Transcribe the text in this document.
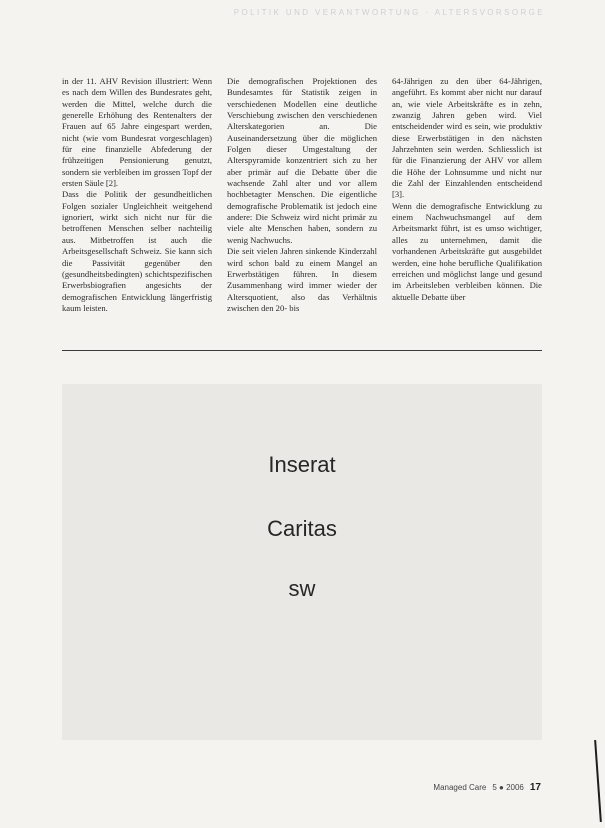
POLITIK UND VERANTWORTUNG · ALTERSVORSORGE

in der 11. AHV Revision illustriert: Wenn es nach dem Willen des Bundesrates geht, werden die Mittel, welche durch die generelle Erhöhung des Rentenalters der Frauen auf 65 Jahre eingespart werden, nicht (wie vom Bundesrat vorgeschlagen) für eine finanzielle Abfederung der frühzeitigen Pensionierung genutzt, sondern sie verbleiben im grossen Topf der ersten Säule [2].

Dass die Politik der gesundheitlichen Folgen sozialer Ungleichheit weitgehend ignoriert, wirkt sich nicht nur für die betroffenen Menschen selber nachteilig aus. Mitbetroffen ist auch die Arbeitsgesellschaft Schweiz. Sie kann sich die Passivität gegenüber den (gesundheitsbedingten) schichtspezifischen Erwerbsbiografien angesichts der demografischen Entwicklung längerfristig kaum leisten.

Die demografischen Projektionen des Bundesamtes für Statistik zeigen in verschiedenen Modellen eine deutliche Verschiebung zwischen den verschiedenen Alterskategorien an. Die Auseinandersetzung über die möglichen Folgen dieser Umgestaltung der Alterspyramide konzentriert sich zu her aber primär auf die Debatte über die wachsende Zahl alter und vor allem hochbetagter Menschen. Die eigentliche demografische Problematik ist jedoch eine andere: Die Schweiz wird nicht primär zu viele alte Menschen haben, sondern zu wenig Nachwuchs.

Die seit vielen Jahren sinkende Kinderzahl wird schon bald zu einem Mangel an Erwerbstätigen führen. In diesem Zusammenhang wird immer wieder der Altersquotient, also das Verhältnis zwischen den 20- bis

64-Jährigen zu den über 64-Jährigen, angeführt. Es kommt aber nicht nur darauf an, wie viele Arbeitskräfte es in zehn, zwanzig Jahren geben wird. Viel entscheidender wird es sein, wie produktiv diese Erwerbstätigen in den nächsten Jahrzehnten sein werden. Schliesslich ist für die Finanzierung der AHV vor allem die Höhe der Lohnsumme und nicht nur die Zahl der Einzahlenden entscheidend [3].

Wenn die demografische Entwicklung zu einem Nachwuchsmangel auf dem Arbeitsmarkt führt, ist es umso wichtiger, alles zu unternehmen, damit die vorhandenen Arbeitskräfte gut ausgebildet werden, eine hohe berufliche Qualifikation erreichen und möglichst lange und gesund im Arbeitsleben verbleiben können. Die aktuelle Debatte über

Inserat
Caritas
sw
Managed Care 5 ● 2006 17
